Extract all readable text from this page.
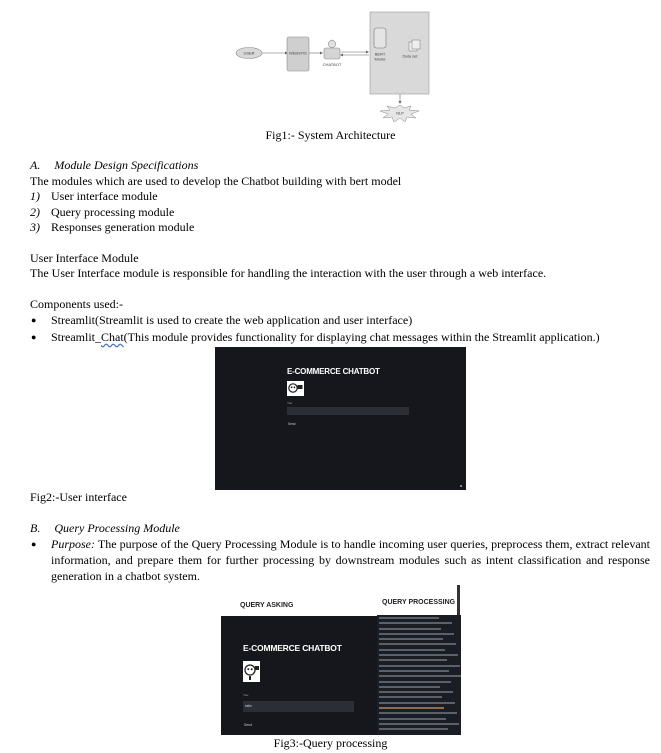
USER	WEBSITE
CHATBOT
BERT
Model
Data set
NLP
Fig1:- System Architecture
A. Module Design Specifications
The modules which are used to develop the Chatbot building with bert model
1) User interface module
2) Query processing module
3) Responses generation module
User Interface Module
The User Interface module is responsible for handling the interaction with the user through a web interface.
Components used:-
● Streamlit(Streamlit is used to create the web application and user interface)
● Streamlit_Chat(This module provides functionality for displaying chat messages within the Streamlit application.)
E-COMMERCE CHATBOT
You:
Send
Fig2:-User interface
B. Query Processing Module
● Purpose: The purpose of the Query Processing Module is to handle incoming user queries, preprocess them, extract relevant
information, and prepare them for further processing by downstream modules such as intent classification and response
generation in a chatbot system.
QUERY ASKING	QUERY PROCESSING
E-COMMERCE CHATBOT
You:
hello
Send
Fig3:-Query processing
